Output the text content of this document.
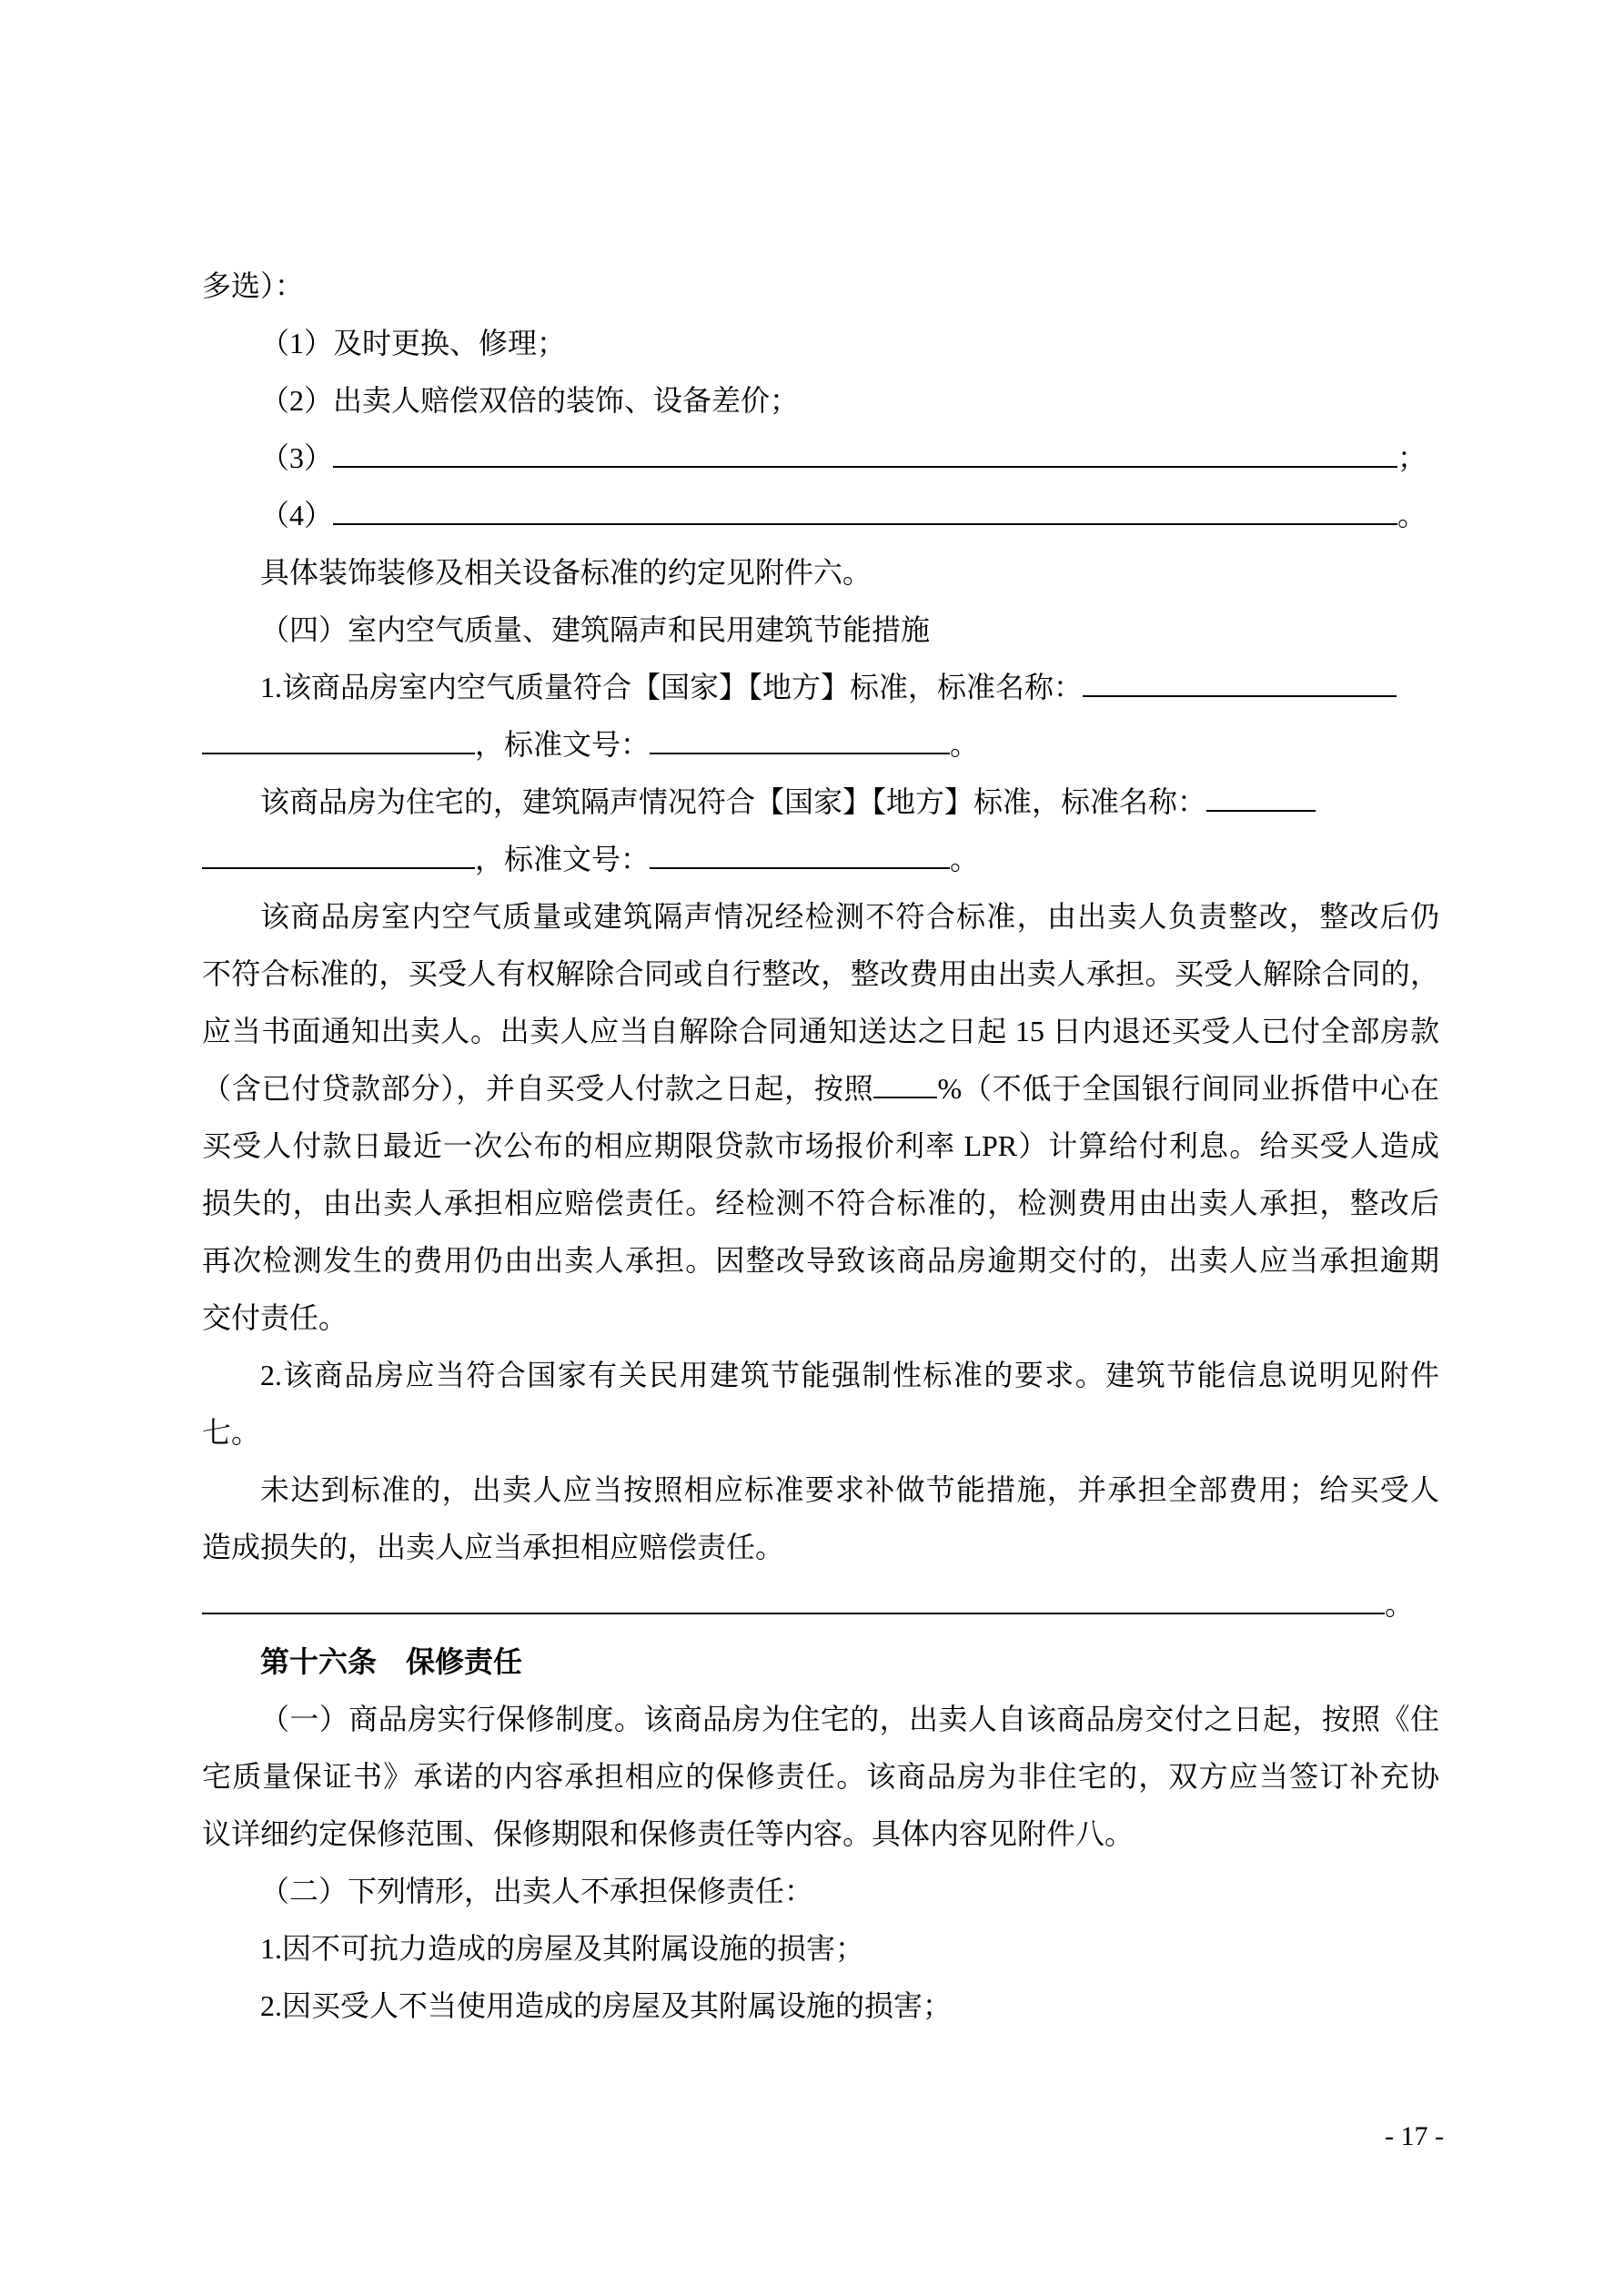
多选）：
（1）及时更换、修理；
（2）出卖人赔偿双倍的装饰、设备差价；
（3）	；
（4）	。
具体装饰装修及相关设备标准的约定见附件六。
（四）室内空气质量、建筑隔声和民用建筑节能措施
1.该商品房室内空气质量符合【国家】【地方】标准，标准名称：
，标准文号：	。
该商品房为住宅的，建筑隔声情况符合【国家】【地方】标准，标准名称：
，标准文号：	。
该商品房室内空气质量或建筑隔声情况经检测不符合标准，由出卖人负责整改，整改后仍
不符合标准的，买受人有权解除合同或自行整改，整改费用由出卖人承担。买受人解除合同的，
应当书面通知出卖人。出卖人应当自解除合同通知送达之日起 15 日内退还买受人已付全部房款
（含已付贷款部分），并自买受人付款之日起，按照 %（不低于全国银行间同业拆借中心在
买受人付款日最近一次公布的相应期限贷款市场报价利率 LPR）计算给付利息。给买受人造成
损失的，由出卖人承担相应赔偿责任。经检测不符合标准的，检测费用由出卖人承担，整改后
再次检测发生的费用仍由出卖人承担。因整改导致该商品房逾期交付的，出卖人应当承担逾期
交付责任。
2.该商品房应当符合国家有关民用建筑节能强制性标准的要求。建筑节能信息说明见附件
七。
未达到标准的，出卖人应当按照相应标准要求补做节能措施，并承担全部费用；给买受人
造成损失的，出卖人应当承担相应赔偿责任。
。
第十六条 保修责任
（一）商品房实行保修制度。该商品房为住宅的，出卖人自该商品房交付之日起，按照《住
宅质量保证书》承诺的内容承担相应的保修责任。该商品房为非住宅的，双方应当签订补充协
议详细约定保修范围、保修期限和保修责任等内容。具体内容见附件八。
（二）下列情形，出卖人不承担保修责任：
1.因不可抗力造成的房屋及其附属设施的损害；
2.因买受人不当使用造成的房屋及其附属设施的损害；
- 17 -
